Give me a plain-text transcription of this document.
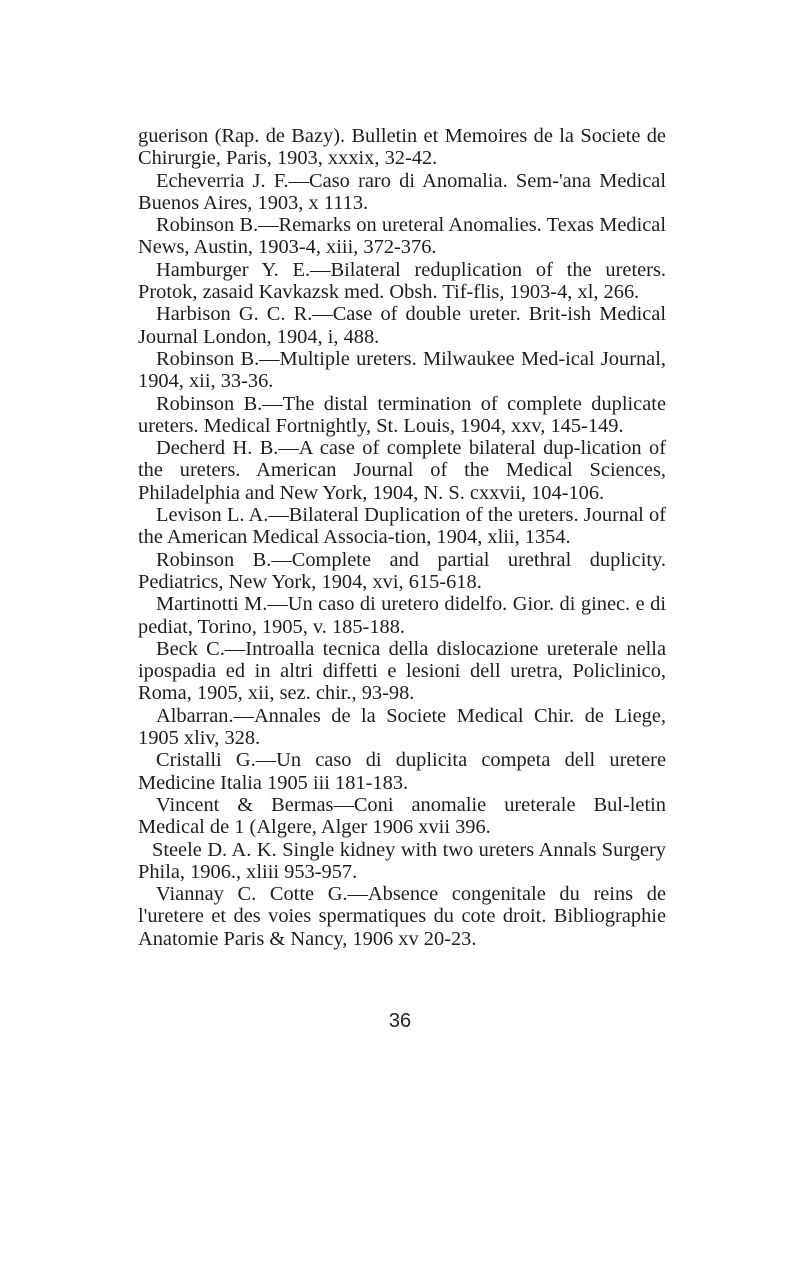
guerison (Rap. de Bazy). Bulletin et Memoires de la Societe de Chirurgie, Paris, 1903, xxxix, 32-42.

Echeverria J. F.—Caso raro di Anomalia. Sem-'ana Medical Buenos Aires, 1903, x 1113.

Robinson B.—Remarks on ureteral Anomalies. Texas Medical News, Austin, 1903-4, xiii, 372-376.

Hamburger Y. E.—Bilateral reduplication of the ureters. Protok, zasaid Kavkazsk med. Obsh. Tif-flis, 1903-4, xl, 266.

Harbison G. C. R.—Case of double ureter. Brit-ish Medical Journal London, 1904, i, 488.

Robinson B.—Multiple ureters. Milwaukee Med-ical Journal, 1904, xii, 33-36.

Robinson B.—The distal termination of complete duplicate ureters. Medical Fortnightly, St. Louis, 1904, xxv, 145-149.

Decherd H. B.—A case of complete bilateral dup-lication of the ureters. American Journal of the Medical Sciences, Philadelphia and New York, 1904, N. S. cxxvii, 104-106.

Levison L. A.—Bilateral Duplication of the ureters. Journal of the American Medical Associa-tion, 1904, xlii, 1354.

Robinson B.—Complete and partial urethral duplicity. Pediatrics, New York, 1904, xvi, 615-618.

Martinotti M.—Un caso di uretero didelfo. Gior. di ginec. e di pediat, Torino, 1905, v. 185-188.

Beck C.—Introalla tecnica della dislocazione ureterale nella ipospadia ed in altri diffetti e lesioni dell uretra, Policlinico, Roma, 1905, xii, sez. chir., 93-98.

Albarran.—Annales de la Societe Medical Chir. de Liege, 1905 xliv, 328.

Cristalli G.—Un caso di duplicita competa dell uretere Medicine Italia 1905 iii 181-183.

Vincent & Bermas—Coni anomalie ureterale Bul-letin Medical de 1 (Algere, Alger 1906 xvii 396.

Steele D. A. K. Single kidney with two ureters Annals Surgery Phila, 1906., xliii 953-957.

Viannay C. Cotte G.—Absence congenitale du reins de l'uretere et des voies spermatiques du cote droit. Bibliographie Anatomie Paris & Nancy, 1906 xv 20-23.

36
